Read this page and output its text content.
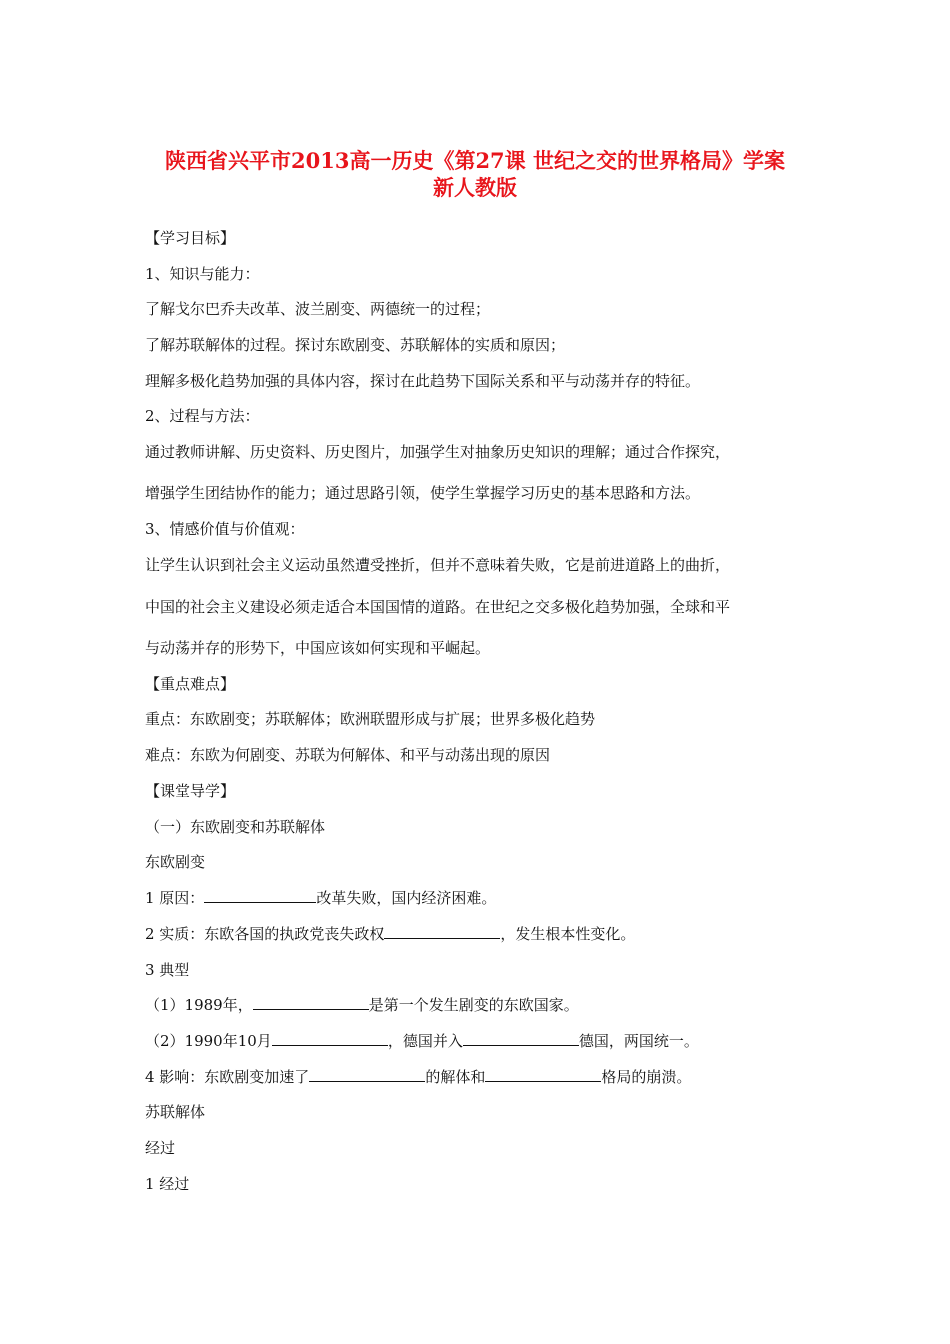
陕西省兴平市2013高一历史《第27课 世纪之交的世界格局》学案
新人教版
【学习目标】
1、知识与能力：
了解戈尔巴乔夫改革、波兰剧变、两德统一的过程；
了解苏联解体的过程。探讨东欧剧变、苏联解体的实质和原因；
理解多极化趋势加强的具体内容，探讨在此趋势下国际关系和平与动荡并存的特征。
2、过程与方法：
通过教师讲解、历史资料、历史图片，加强学生对抽象历史知识的理解；通过合作探究，
增强学生团结协作的能力；通过思路引领，使学生掌握学习历史的基本思路和方法。
3、情感价值与价值观：
让学生认识到社会主义运动虽然遭受挫折，但并不意味着失败，它是前进道路上的曲折，
中国的社会主义建设必须走适合本国国情的道路。在世纪之交多极化趋势加强，全球和平
与动荡并存的形势下，中国应该如何实现和平崛起。
【重点难点】
重点：东欧剧变；苏联解体；欧洲联盟形成与扩展；世界多极化趋势
难点：东欧为何剧变、苏联为何解体、和平与动荡出现的原因
【课堂导学】
（一）东欧剧变和苏联解体
东欧剧变
1 原因：	改革失败，国内经济困难。
2 实质：东欧各国的执政党丧失政权	，发生根本性变化。
3 典型
（1）1989年，	是第一个发生剧变的东欧国家。
（2）1990年10月	，德国并入	德国，两国统一。
4 影响：东欧剧变加速了	的解体和	格局的崩溃。
苏联解体
经过
1 经过
